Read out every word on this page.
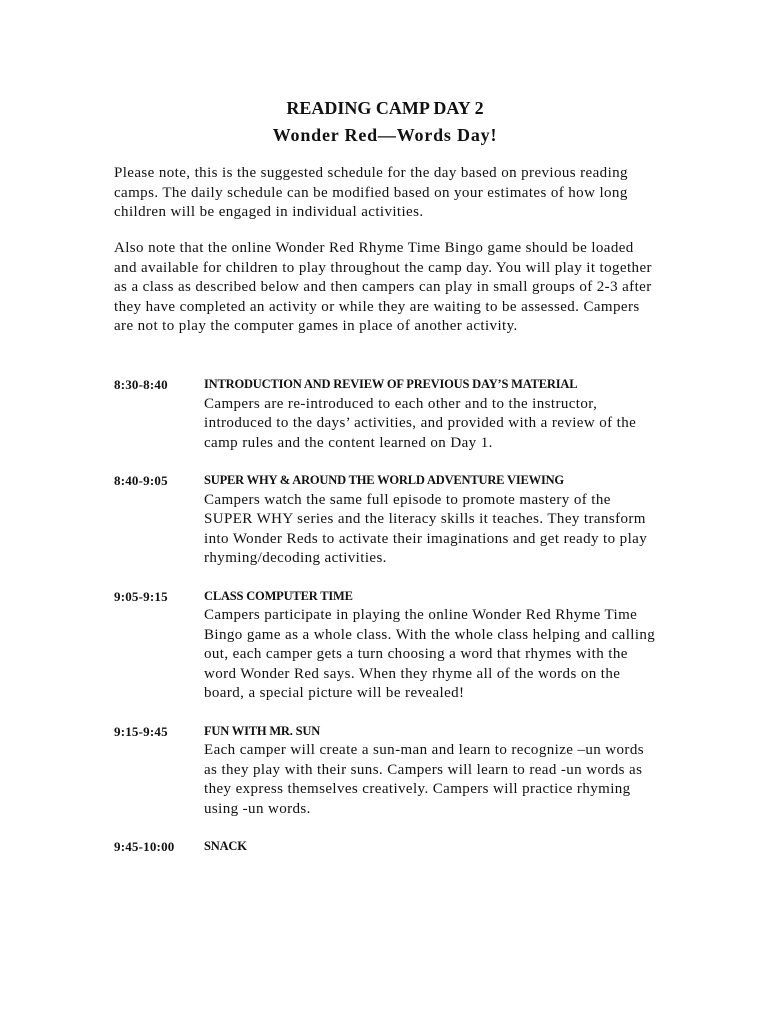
READING CAMP DAY 2
Wonder Red—Words Day!
Please note, this is the suggested schedule for the day based on previous reading camps. The daily schedule can be modified based on your estimates of how long children will be engaged in individual activities.
Also note that the online Wonder Red Rhyme Time Bingo game should be loaded and available for children to play throughout the camp day. You will play it together as a class as described below and then campers can play in small groups of 2-3 after they have completed an activity or while they are waiting to be assessed. Campers are not to play the computer games in place of another activity.
8:30-8:40	INTRODUCTION AND REVIEW OF PREVIOUS DAY’S MATERIAL
Campers are re-introduced to each other and to the instructor, introduced to the days’ activities, and provided with a review of the camp rules and the content learned on Day 1.
8:40-9:05	SUPER WHY & AROUND THE WORLD ADVENTURE VIEWING
Campers watch the same full episode to promote mastery of the SUPER WHY series and the literacy skills it teaches. They transform into Wonder Reds to activate their imaginations and get ready to play rhyming/decoding activities.
9:05-9:15	CLASS COMPUTER TIME
Campers participate in playing the online Wonder Red Rhyme Time Bingo game as a whole class. With the whole class helping and calling out, each camper gets a turn choosing a word that rhymes with the word Wonder Red says. When they rhyme all of the words on the board, a special picture will be revealed!
9:15-9:45	FUN WITH MR. SUN
Each camper will create a sun-man and learn to recognize –un words as they play with their suns. Campers will learn to read -un words as they express themselves creatively. Campers will practice rhyming using -un words.
9:45-10:00	SNACK
